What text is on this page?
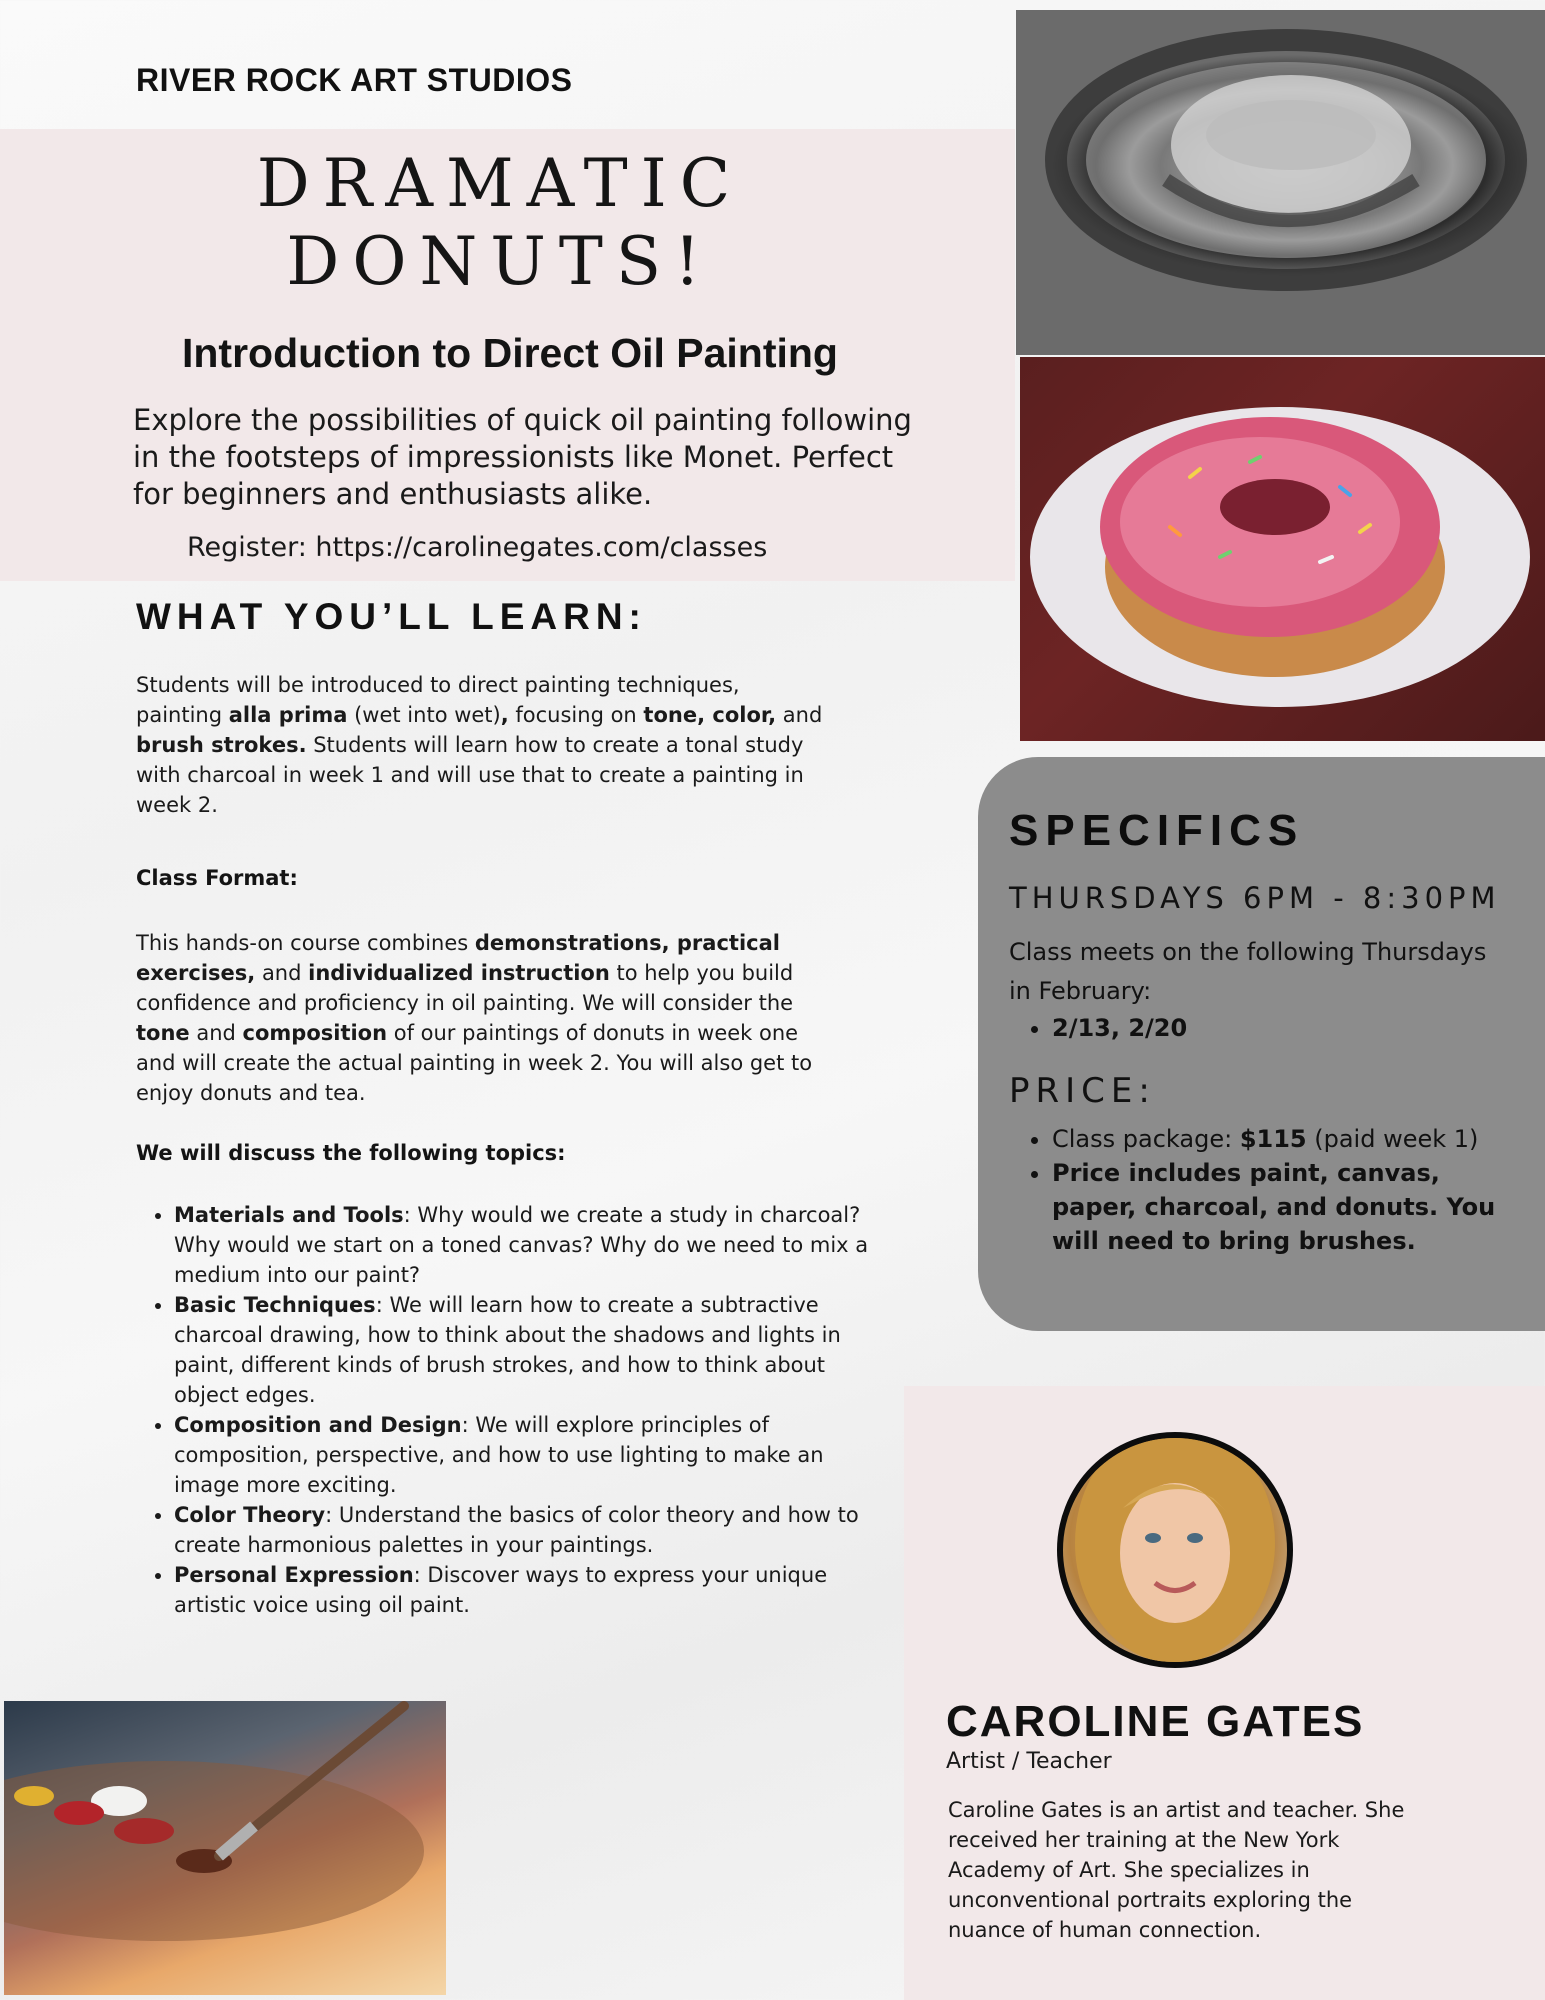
RIVER ROCK ART STUDIOS
DRAMATIC
DONUTS!
Introduction to Direct Oil Painting
Explore the possibilities of quick oil painting following in the footsteps of impressionists like Monet. Perfect for beginners and enthusiasts alike.
Register: https://carolinegates.com/classes
WHAT YOU’LL LEARN:
Students will be introduced to direct painting techniques, painting alla prima (wet into wet), focusing on tone, color, and brush strokes. Students will learn how to create a tonal study with charcoal in week 1 and will use that to create a painting in week 2.
Class Format:
This hands-on course combines demonstrations, practical exercises, and individualized instruction to help you build confidence and proficiency in oil painting. We will consider the tone and composition of our paintings of donuts in week one and will create the actual painting in week 2. You will also get to enjoy donuts and tea.
We will discuss the following topics:
• Materials and Tools: Why would we create a study in charcoal? Why would we start on a toned canvas? Why do we need to mix a medium into our paint?
• Basic Techniques: We will learn how to create a subtractive charcoal drawing, how to think about the shadows and lights in paint, different kinds of brush strokes, and how to think about object edges.
• Composition and Design: We will explore principles of composition, perspective, and how to use lighting to make an image more exciting.
• Color Theory: Understand the basics of color theory and how to create harmonious palettes in your paintings.
• Personal Expression: Discover ways to express your unique artistic voice using oil paint.
SPECIFICS
THURSDAYS 6PM - 8:30PM
Class meets on the following Thursdays in February:
• 2/13, 2/20
PRICE:
• Class package: $115 (paid week 1)
• Price includes paint, canvas, paper, charcoal, and donuts. You will need to bring brushes.
CAROLINE GATES
Artist / Teacher
Caroline Gates is an artist and teacher. She received her training at the New York Academy of Art. She specializes in unconventional portraits exploring the nuance of human connection.
